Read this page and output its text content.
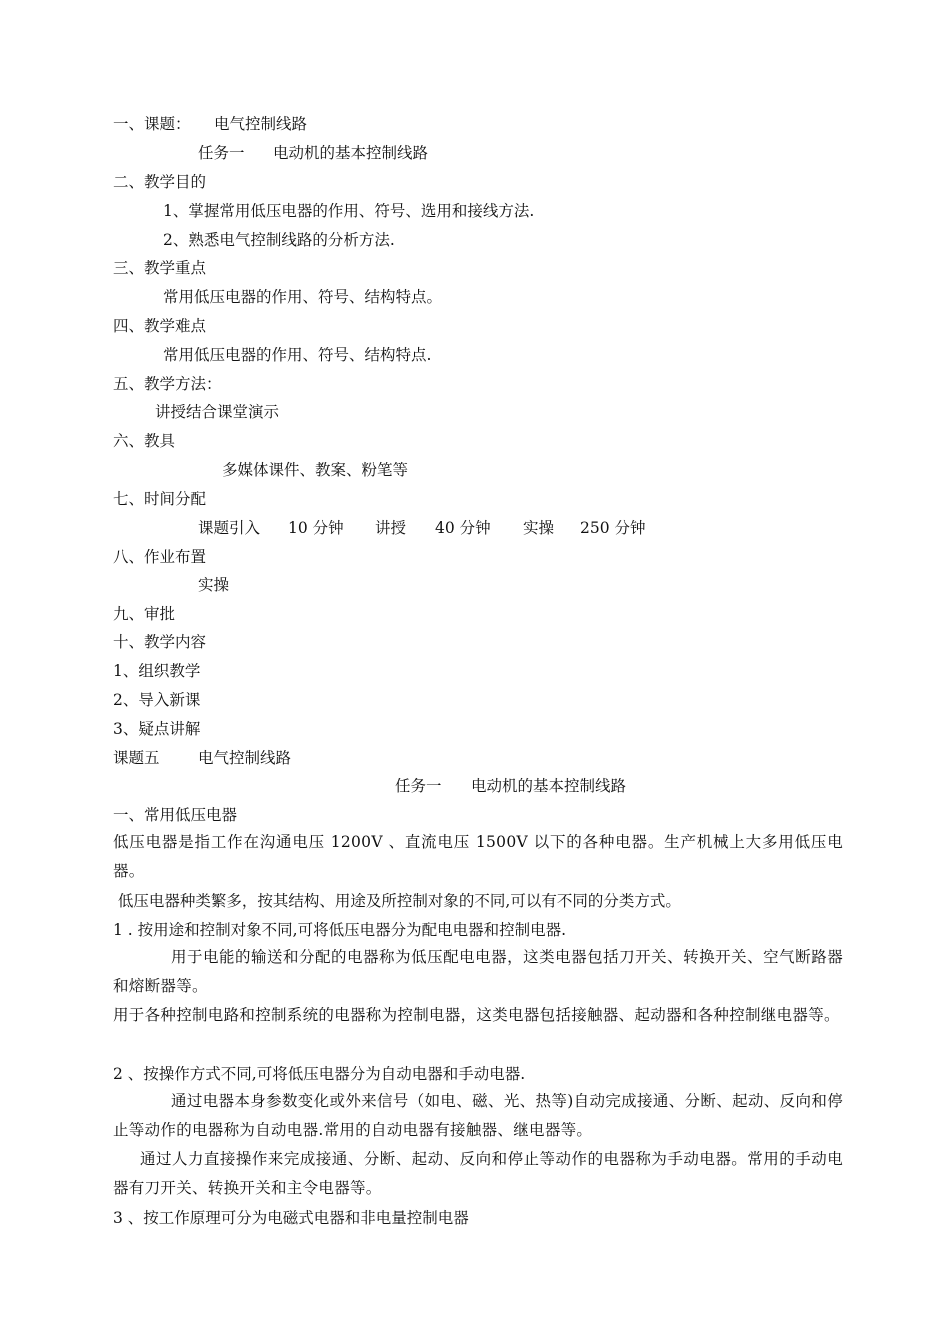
一、课题：

电气控制线路

任务一

电动机的基本控制线路

二、教学目的
1、掌握常用低压电器的作用、符号、选用和接线方法.
2、熟悉电气控制线路的分析方法.
三、教学重点
常用低压电器的作用、符号、结构特点。
四、教学难点
常用低压电器的作用、符号、结构特点.
五、教学方法：
讲授结合课堂演示
六、教具
多媒体课件、教案、粉笔等
七、时间分配

课题引入

10 分钟

讲授

40 分钟

实操

250 分钟

八、作业布置
实操
九、审批
十、教学内容
1、组织教学
2、导入新课
3、疑点讲解

课题五

电气控制线路

任务一

电动机的基本控制线路

一、常用低压电器
低压电器是指工作在沟通电压 1200V 、直流电压 1500V 以下的各种电器。生产机械上大多用低压电器。
低压电器种类繁多，按其结构、用途及所控制对象的不同,可以有不同的分类方式。
1 . 按用途和控制对象不同,可将低压电器分为配电电器和控制电器.
用于电能的输送和分配的电器称为低压配电电器，这类电器包括刀开关、转换开关、空气断路器和熔断器等。
用于各种控制电路和控制系统的电器称为控制电器，这类电器包括接触器、起动器和各种控制继电器等。
2 、按操作方式不同,可将低压电器分为自动电器和手动电器.
通过电器本身参数变化或外来信号（如电、磁、光、热等)自动完成接通、分断、起动、反向和停止等动作的电器称为自动电器.常用的自动电器有接触器、继电器等。
通过人力直接操作来完成接通、分断、起动、反向和停止等动作的电器称为手动电器。常用的手动电器有刀开关、转换开关和主令电器等。
3 、按工作原理可分为电磁式电器和非电量控制电器
